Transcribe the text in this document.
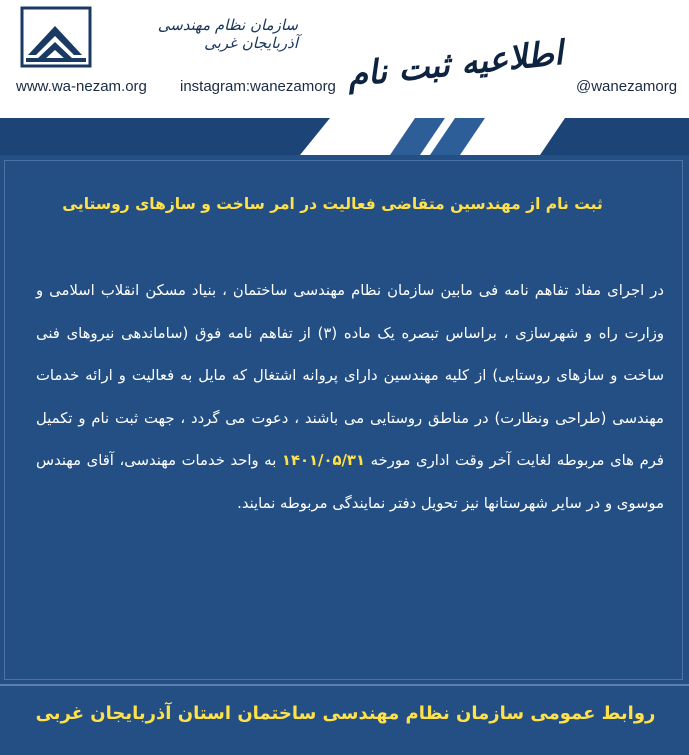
سازمان نظام مهندسی آذربایجان غربی
www.wa-nezam.org instagram:wanezamorg اطلاعیه ثبت نام @wanezamorg
ثبت نام از مهندسین متقاضی فعالیت در امر ساخت و سازهای روستایی

در اجرای مفاد تفاهم نامه فی مابین سازمان نظام مهندسی ساختمان ، بنیاد مسکن انقلاب اسلامی و وزارت راه و شهرسازی ، براساس تبصره یک ماده (۳) از تفاهم نامه فوق (ساماندهی نیروهای فنی ساخت و سازهای روستایی) از کلیه مهندسین دارای پروانه اشتغال که مایل به فعالیت و ارائه خدمات مهندسی (طراحی ونظارت) در مناطق روستایی می باشند ، دعوت می گردد ، جهت ثبت نام و تکمیل فرم های مربوطه لغایت آخر وقت اداری مورخه ۱۴۰۱/۰۵/۳۱ به واحد خدمات مهندسی، آقای مهندس موسوی و در سایر شهرستانها نیز تحویل دفتر نمایندگی مربوطه نمایند.

روابط عمومی سازمان نظام مهندسی ساختمان استان آذربایجان غربی
